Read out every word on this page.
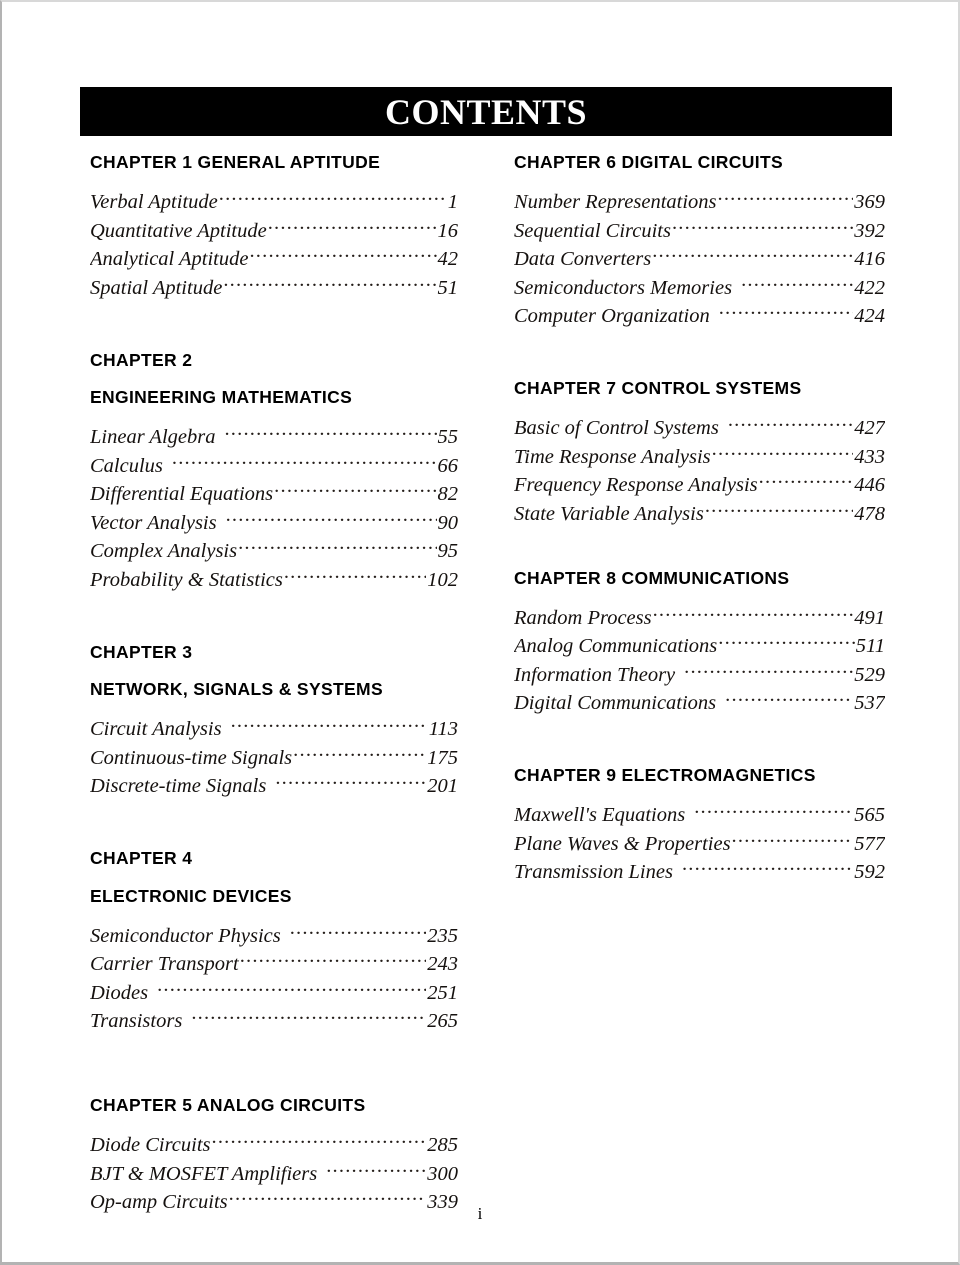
CONTENTS
CHAPTER 1 GENERAL APTITUDE
Verbal Aptitude .....	1
Quantitative Aptitude .....	16
Analytical Aptitude .....	42
Spatial Aptitude .....	51
CHAPTER 2
ENGINEERING MATHEMATICS
Linear Algebra .....	55
Calculus .....	66
Differential Equations .....	82
Vector Analysis .....	90
Complex Analysis .....	95
Probability & Statistics .....	102
CHAPTER 3
NETWORK, SIGNALS & SYSTEMS
Circuit Analysis .....	113
Continuous-time Signals .....	175
Discrete-time Signals .....	201
CHAPTER 4
ELECTRONIC DEVICES
Semiconductor Physics .....	235
Carrier Transport .....	243
Diodes .....	251
Transistors .....	265
CHAPTER 5 ANALOG CIRCUITS
Diode Circuits .....	285
BJT & MOSFET Amplifiers .....	300
Op-amp Circuits .....	339
CHAPTER 6 DIGITAL CIRCUITS
Number Representations .....	369
Sequential Circuits .....	392
Data Converters .....	416
Semiconductors Memories .....	422
Computer Organization .....	424
CHAPTER 7 CONTROL SYSTEMS
Basic of Control Systems .....	427
Time Response Analysis .....	433
Frequency Response Analysis .....	446
State Variable Analysis .....	478
CHAPTER 8 COMMUNICATIONS
Random Process .....	491
Analog Communications .....	511
Information Theory .....	529
Digital Communications .....	537
CHAPTER 9 ELECTROMAGNETICS
Maxwell's Equations .....	565
Plane Waves & Properties .....	577
Transmission Lines .....	592
i
